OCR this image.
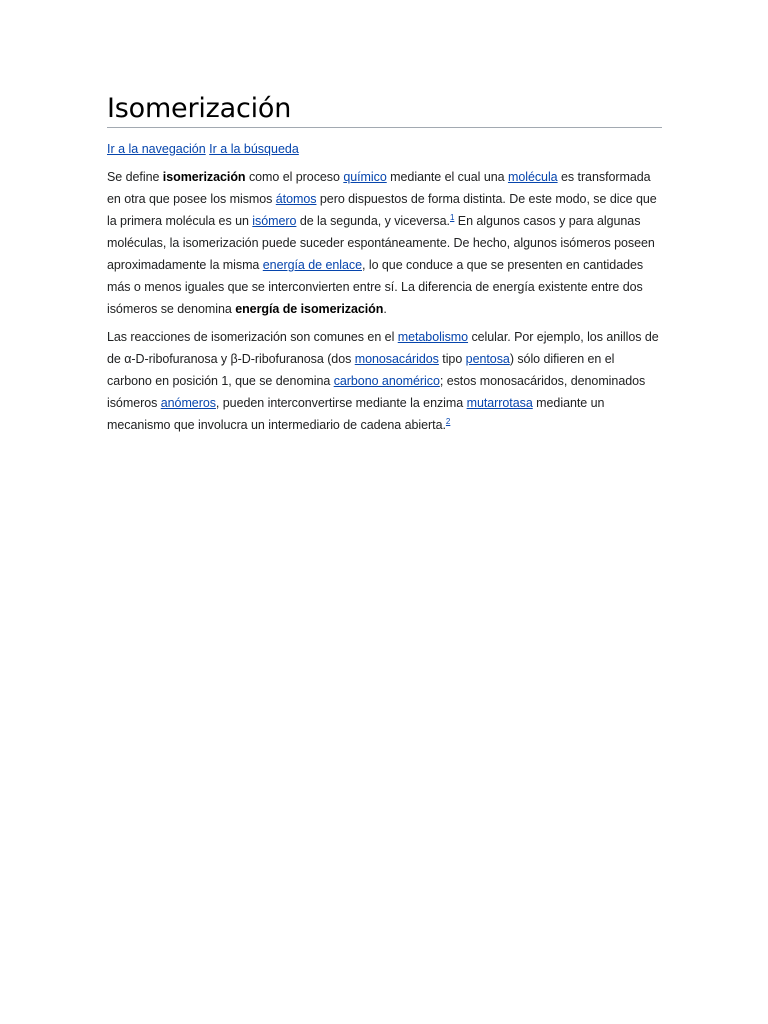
Isomerización
Ir a la navegación Ir a la búsqueda

Se define isomerización como el proceso químico mediante el cual una molécula es transformada en otra que posee los mismos átomos pero dispuestos de forma distinta. De este modo, se dice que la primera molécula es un isómero de la segunda, y viceversa.$^1$ En algunos casos y para algunas moléculas, la isomerización puede suceder espontáneamente. De hecho, algunos isómeros poseen aproximadamente la misma energía de enlace, lo que conduce a que se presenten en cantidades más o menos iguales que se interconvierten entre sí. La diferencia de energía existente entre dos isómeros se denomina energía de isomerización.

Las reacciones de isomerización son comunes en el metabolismo celular. Por ejemplo, los anillos de de α-D-ribofuranosa y β-D-ribofuranosa (dos monosacáridos tipo pentosa) sólo difieren en el carbono en posición 1, que se denomina carbono anomérico; estos monosacáridos, denominados isómeros anómeros, pueden interconvertirse mediante la enzima mutarrotasa mediante un mecanismo que involucra un intermediario de cadena abierta.$^2$
